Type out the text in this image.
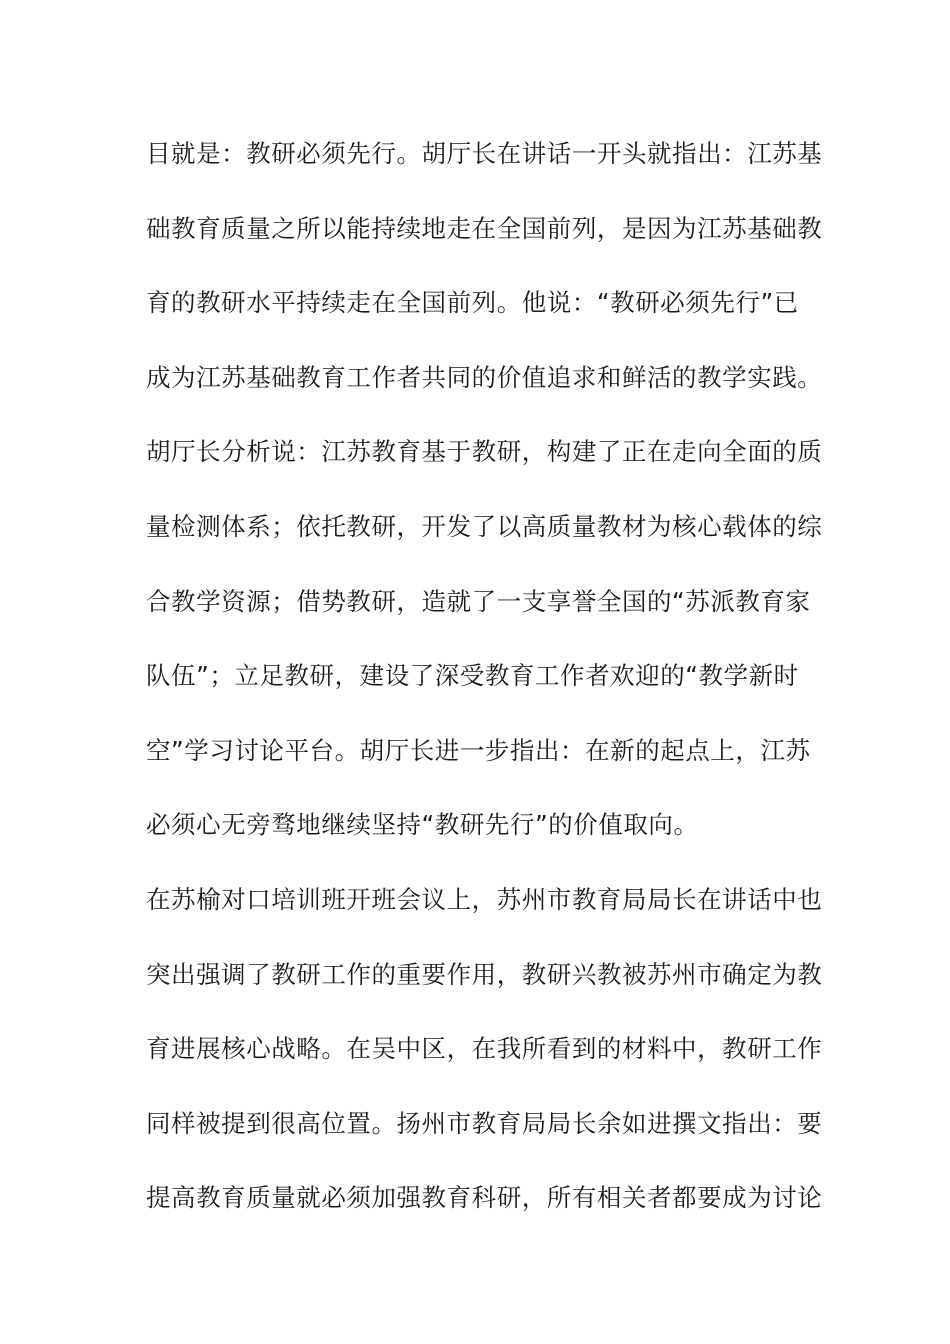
目就是：教研必须先行。胡厅长在讲话一开头就指出：江苏基
础教育质量之所以能持续地走在全国前列，是因为江苏基础教
育的教研水平持续走在全国前列。他说：“教研必须先行”已
成为江苏基础教育工作者共同的价值追求和鲜活的教学实践。
胡厅长分析说：江苏教育基于教研，构建了正在走向全面的质
量检测体系；依托教研，开发了以高质量教材为核心载体的综
合教学资源；借势教研，造就了一支享誉全国的“苏派教育家
队伍”；立足教研，建设了深受教育工作者欢迎的“教学新时
空”学习讨论平台。胡厅长进一步指出：在新的起点上，江苏
必须心无旁骛地继续坚持“教研先行”的价值取向。
在苏榆对口培训班开班会议上，苏州市教育局局长在讲话中也
突出强调了教研工作的重要作用，教研兴教被苏州市确定为教
育进展核心战略。在吴中区，在我所看到的材料中，教研工作
同样被提到很高位置。扬州市教育局局长余如进撰文指出：要
提高教育质量就必须加强教育科研，所有相关者都要成为讨论
